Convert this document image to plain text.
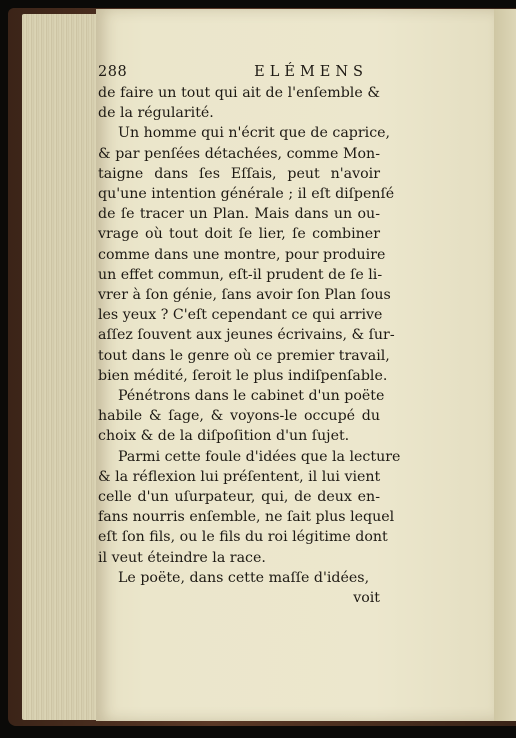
288	ELÉMENS
de faire un tout qui ait de l'enſemble &
de la régularité.
Un homme qui n'écrit que de caprice,
& par penſées détachées, comme Mon-
taigne dans ſes Eſſais, peut n'avoir
qu'une intention générale ; il eſt diſpenſé
de ſe tracer un Plan. Mais dans un ou-
vrage où tout doit ſe lier, ſe combiner
comme dans une montre, pour produire
un effet commun, eſt-il prudent de ſe li-
vrer à ſon génie, ſans avoir ſon Plan ſous
les yeux ? C'eſt cependant ce qui arrive
aſſez ſouvent aux jeunes écrivains, & ſur-
tout dans le genre où ce premier travail,
bien médité, ſeroit le plus indiſpenſable.
Pénétrons dans le cabinet d'un poëte
habile & ſage, & voyons-le occupé du
choix & de la diſpoſition d'un ſujet.
Parmi cette foule d'idées que la lecture
& la réflexion lui préſentent, il lui vient
celle d'un uſurpateur, qui, de deux en-
fans nourris enſemble, ne ſait plus lequel
eſt ſon fils, ou le fils du roi légitime dont
il veut éteindre la race.
Le poëte, dans cette maſſe d'idées,
voit
